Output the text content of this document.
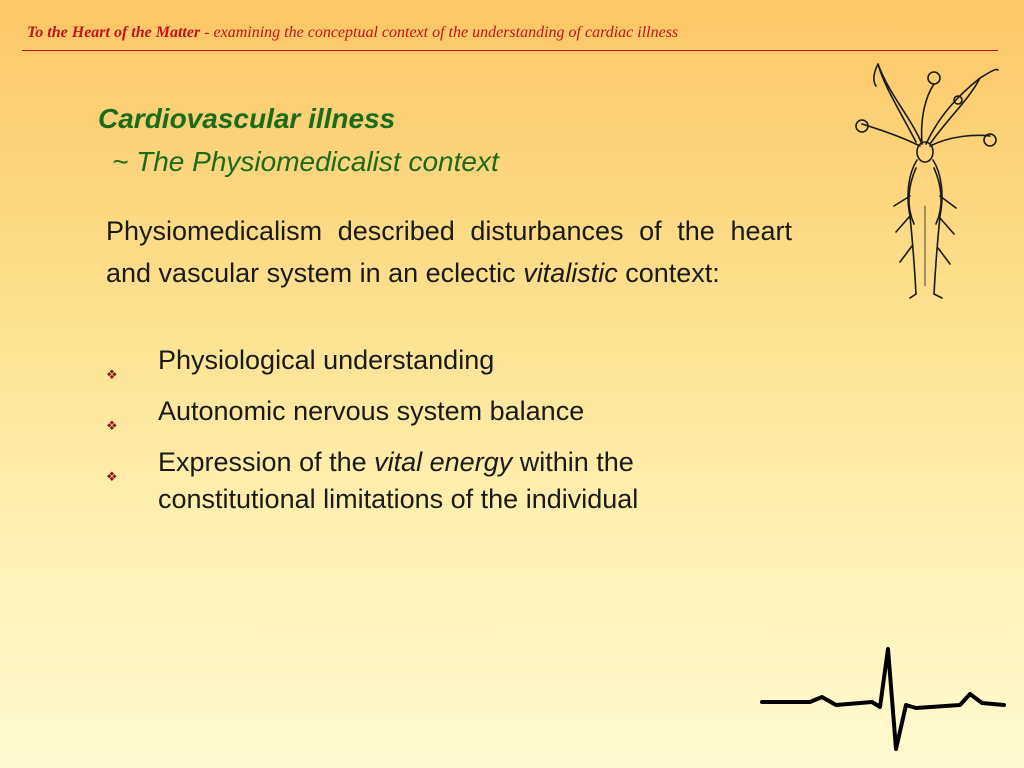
To the Heart of the Matter - examining the conceptual context of the understanding of cardiac illness
Cardiovascular illness
~ The Physiomedicalist context
Physiomedicalism described disturbances of the heart and vascular system in an eclectic vitalistic context:
❖ Physiological understanding
❖ Autonomic nervous system balance
❖ Expression of the vital energy within the constitutional limitations of the individual
